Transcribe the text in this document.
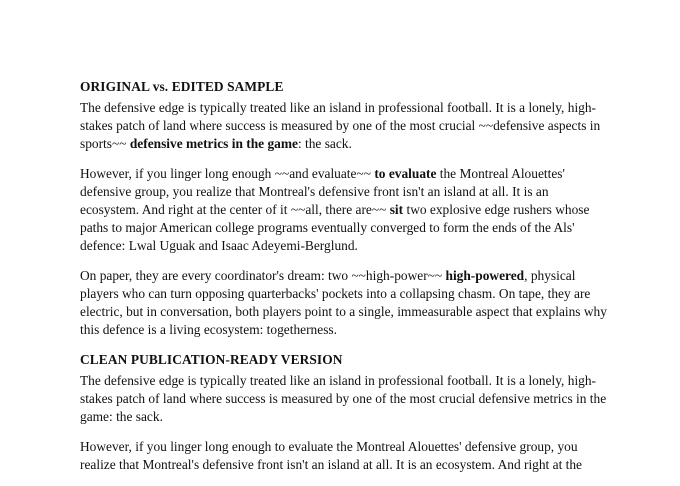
ORIGINAL vs. EDITED SAMPLE

The defensive edge is typically treated like an island in professional football. It is a lonely, high-stakes patch of land where success is measured by one of the most crucial ~~defensive aspects in sports~~ defensive metrics in the game: the sack.

However, if you linger long enough ~~and evaluate~~ to evaluate the Montreal Alouettes' defensive group, you realize that Montreal's defensive front isn't an island at all. It is an ecosystem. And right at the center of it ~~all, there are~~ sit two explosive edge rushers whose paths to major American college programs eventually converged to form the ends of the Als' defence: Lwal Uguak and Isaac Adeyemi-Berglund.

On paper, they are every coordinator's dream: two ~~high-power~~ high-powered, physical players who can turn opposing quarterbacks' pockets into a collapsing chasm. On tape, they are electric, but in conversation, both players point to a single, immeasurable aspect that explains why this defence is a living ecosystem: togetherness.

CLEAN PUBLICATION-READY VERSION

The defensive edge is typically treated like an island in professional football. It is a lonely, high-stakes patch of land where success is measured by one of the most crucial defensive metrics in the game: the sack.

However, if you linger long enough to evaluate the Montreal Alouettes' defensive group, you realize that Montreal's defensive front isn't an island at all. It is an ecosystem. And right at the
